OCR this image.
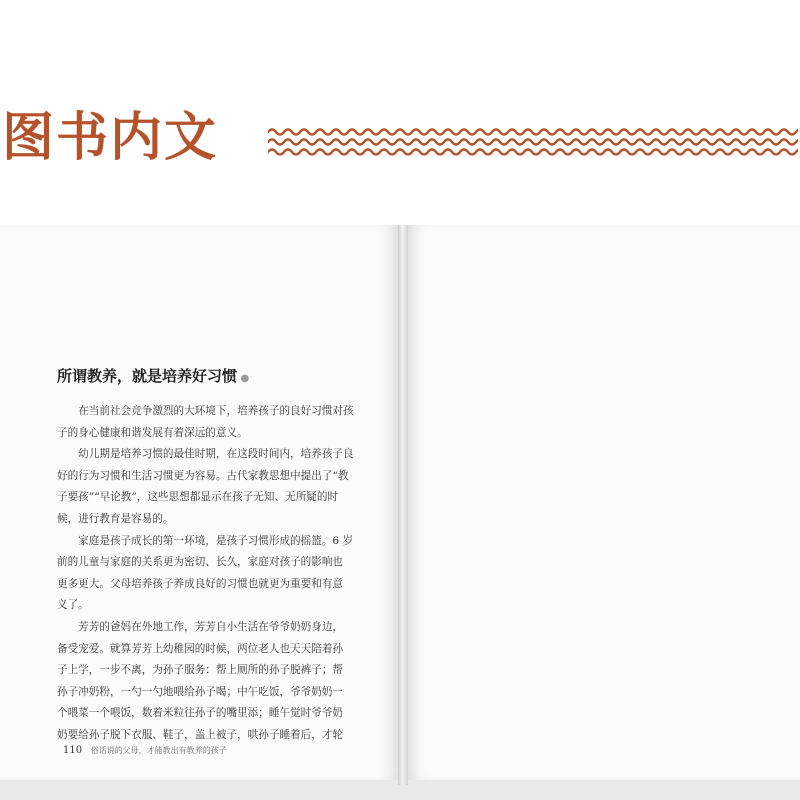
图书内文
所谓教养，就是培养好习惯 ●
　　在当前社会竞争激烈的大环境下，培养孩子的良好习惯对孩
子的身心健康和谐发展有着深远的意义。
　　幼儿期是培养习惯的最佳时期，在这段时间内，培养孩子良
好的行为习惯和生活习惯更为容易。古代家教思想中提出了“教
子要孩”“早论教”，这些思想都显示在孩子无知、无所疑的时
候，进行教育是容易的。
　　家庭是孩子成长的第一环境，是孩子习惯形成的摇篮。6 岁
前的儿童与家庭的关系更为密切、长久，家庭对孩子的影响也
更多更大。父母培养孩子养成良好的习惯也就更为重要和有意
义了。
　　芳芳的爸妈在外地工作，芳芳自小生活在爷爷奶奶身边，
备受宠爱。就算芳芳上幼稚园的时候，两位老人也天天陪着孙
子上学，一步不离，为孙子服务：帮上厕所的孙子脱裤子；帮
孙子冲奶粉，一勺一勺地喂给孙子喝；中午吃饭，爷爷奶奶一
个喂菜一个喂饭，数着米粒往孙子的嘴里添；睡午觉时爷爷奶
奶要给孙子脱下衣服、鞋子，盖上被子，哄孙子睡着后，才轮
110 俗话说的父母，才能教出有教养的孩子
